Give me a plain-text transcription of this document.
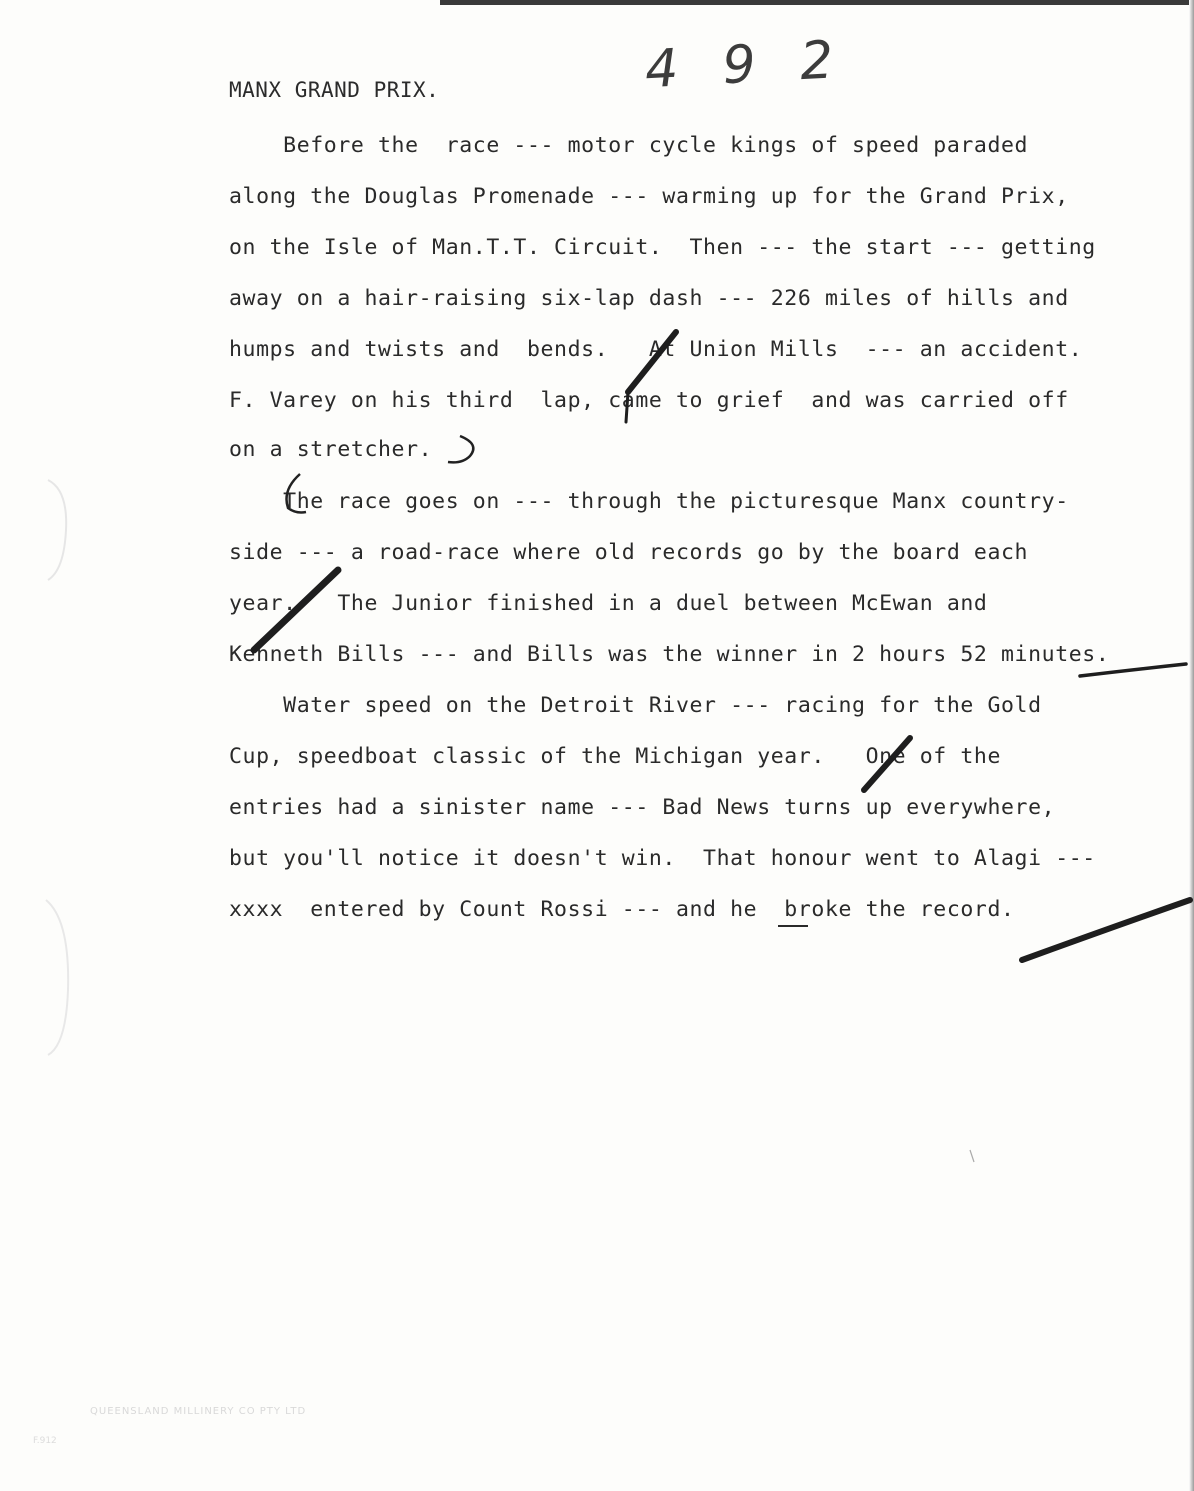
4 9 2
MANX GRAND PRIX.
Before the  race --- motor cycle kings of speed paraded
along the Douglas Promenade --- warming up for the Grand Prix,
on the Isle of Man.T.T. Circuit.  Then --- the start --- getting
away on a hair-raising six-lap dash --- 226 miles of hills and
humps and twists and  bends.   At Union Mills  --- an accident.
F. Varey on his third  lap, came to grief  and was carried off
on a stretcher.
The race goes on --- through the picturesque Manx country-
side --- a road-race where old records go by the board each
year.   The Junior finished in a duel between McEwan and
Kenneth Bills --- and Bills was the winner in 2 hours 52 minutes.
Water speed on the Detroit River --- racing for the Gold
Cup, speedboat classic of the Michigan year.   One of the
entries had a sinister name --- Bad News turns up everywhere,
but you'll notice it doesn't win.  That honour went to Alagi ---
xxxx  entered by Count Rossi --- and he  broke the record.
QUEENSLAND MILLINERY CO PTY LTD
F.912
